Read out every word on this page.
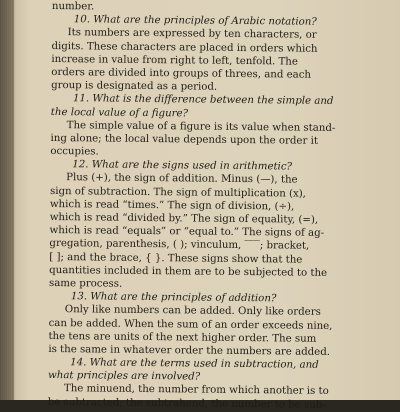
number.
10. What are the principles of Arabic notation?
Its numbers are expressed by ten characters, or
digits. These characters are placed in orders which
increase in value from right to left, tenfold. The
orders are divided into groups of threes, and each
group is designated as a period.
11. What is the difference between the simple and
the local value of a figure?
The simple value of a figure is its value when stand-
ing alone; the local value depends upon the order it
occupies.
12. What are the signs used in arithmetic?
Plus (+), the sign of addition. Minus (—), the
sign of subtraction. The sign of multiplication (x),
which is read “times.” The sign of division, (÷),
which is read “divided by.” The sign of equality, (=),
which is read “equals” or “equal to.” The signs of ag-
gregation, parenthesis, ( ); vinculum, ‾‾‾; bracket,
[ ]; and the brace, { }. These signs show that the
quantities included in them are to be subjected to the
same process.
13. What are the principles of addition?
Only like numbers can be added. Only like orders
can be added. When the sum of an order exceeds nine,
the tens are units of the next higher order. The sum
is the same in whatever order the numbers are added.
14. What are the terms used in subtraction, and
what principles are involved?
The minuend, the number from which another is to
be subtracted; the subtrahend, the number to be sub-
